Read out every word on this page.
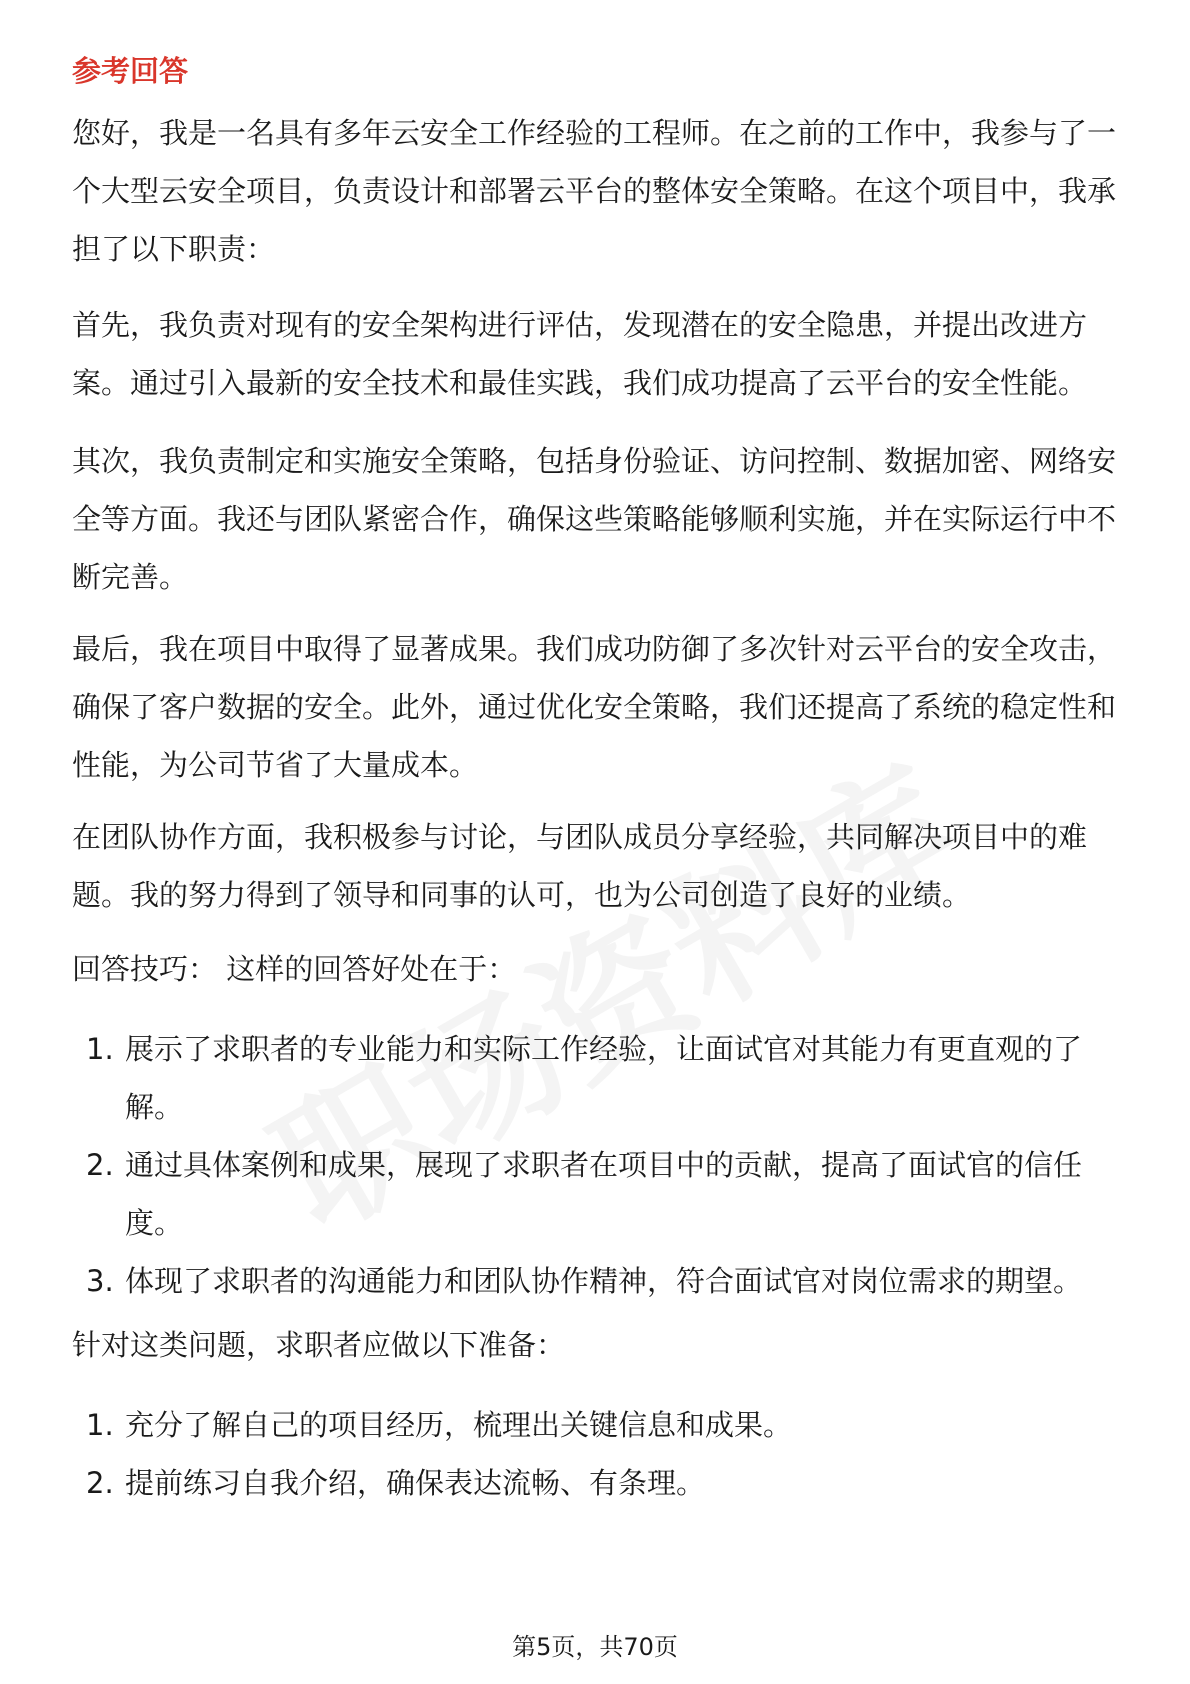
参考回答

您好，我是一名具有多年云安全工作经验的工程师。在之前的工作中，我参与了一个大型云安全项目，负责设计和部署云平台的整体安全策略。在这个项目中，我承担了以下职责：

首先，我负责对现有的安全架构进行评估，发现潜在的安全隐患，并提出改进方案。通过引入最新的安全技术和最佳实践，我们成功提高了云平台的安全性能。

其次，我负责制定和实施安全策略，包括身份验证、访问控制、数据加密、网络安全等方面。我还与团队紧密合作，确保这些策略能够顺利实施，并在实际运行中不断完善。

最后，我在项目中取得了显著成果。我们成功防御了多次针对云平台的安全攻击，确保了客户数据的安全。此外，通过优化安全策略，我们还提高了系统的稳定性和性能，为公司节省了大量成本。

在团队协作方面，我积极参与讨论，与团队成员分享经验，共同解决项目中的难题。我的努力得到了领导和同事的认可，也为公司创造了良好的业绩。

回答技巧： 这样的回答好处在于：

1. 展示了求职者的专业能力和实际工作经验，让面试官对其能力有更直观的了解。
2. 通过具体案例和成果，展现了求职者在项目中的贡献，提高了面试官的信任度。
3. 体现了求职者的沟通能力和团队协作精神，符合面试官对岗位需求的期望。

针对这类问题，求职者应做以下准备：

1. 充分了解自己的项目经历，梳理出关键信息和成果。
2. 提前练习自我介绍，确保表达流畅、有条理。
第5页，共70页
